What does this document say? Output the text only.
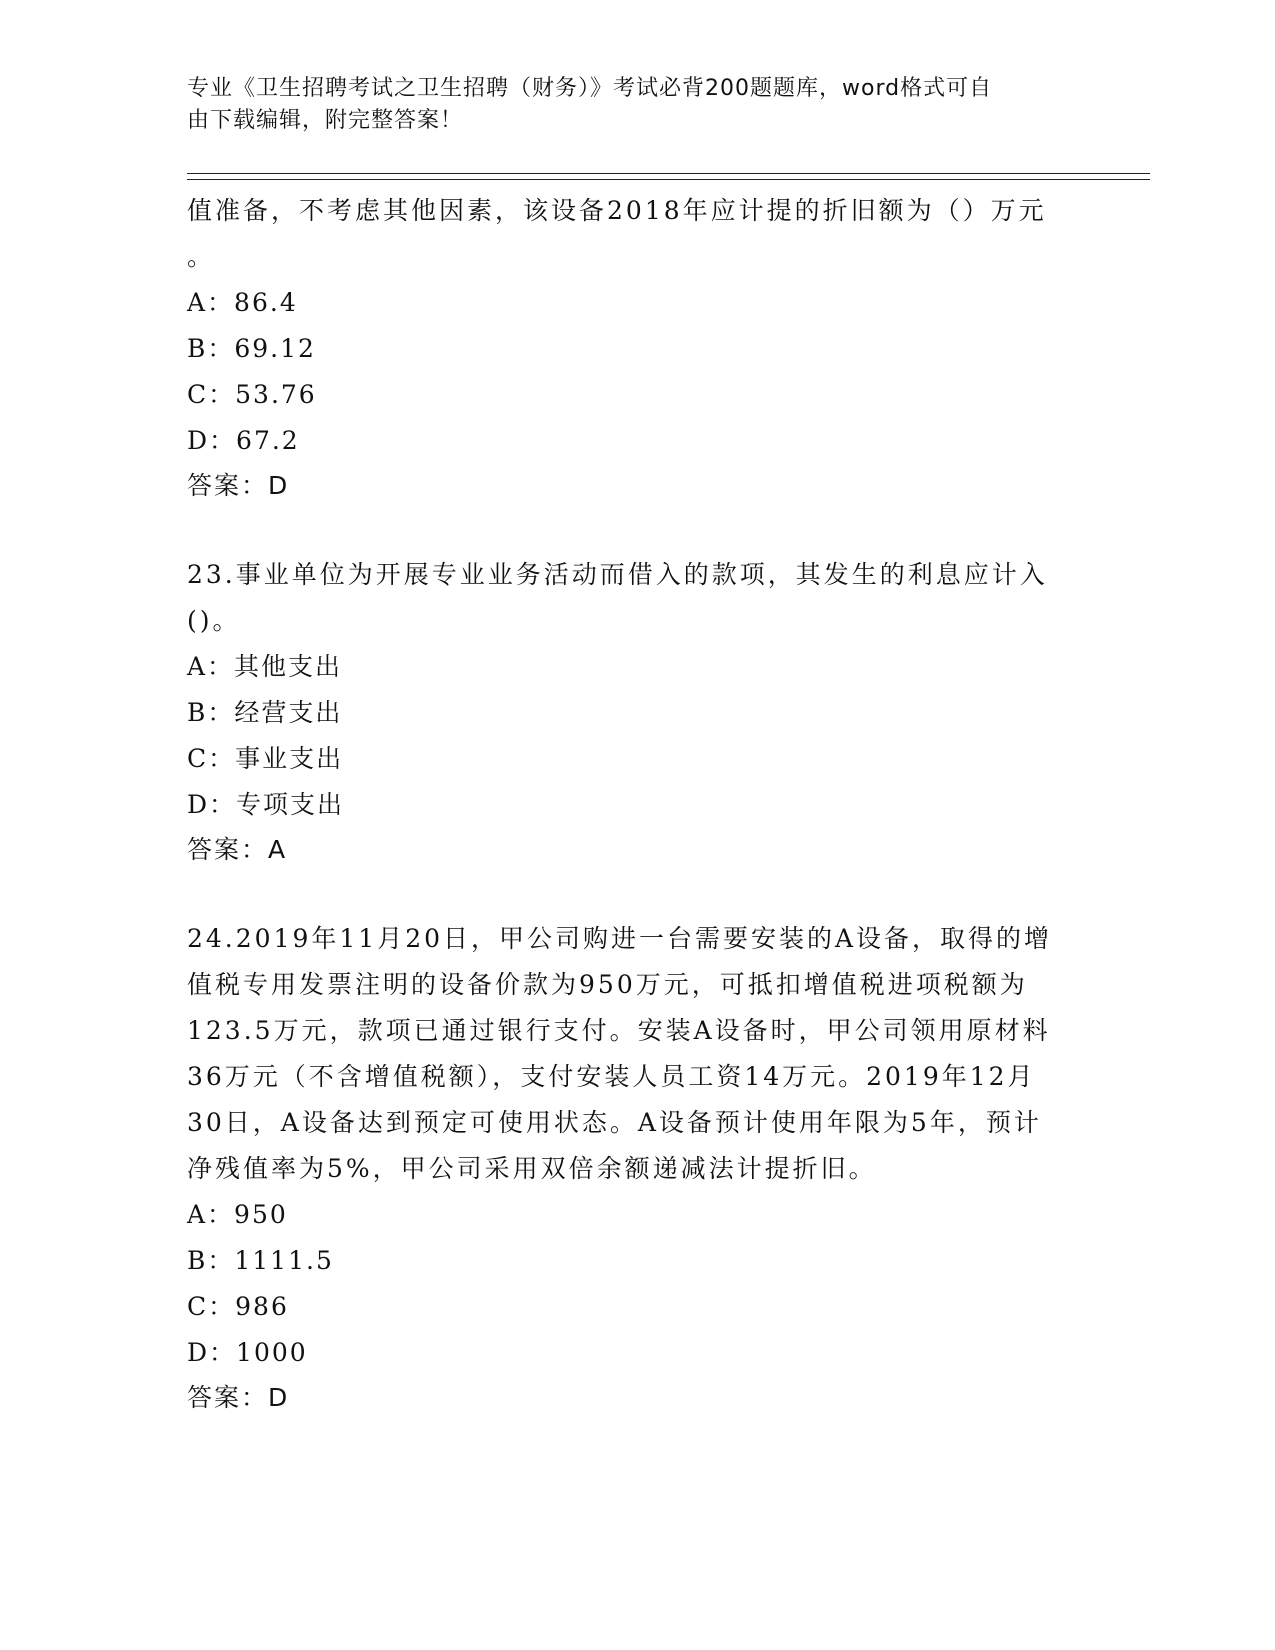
专业《卫生招聘考试之卫生招聘（财务）》考试必背200题题库，word格式可自
由下载编辑，附完整答案！
值准备，不考虑其他因素，该设备2018年应计提的折旧额为（）万元
。
A：86.4
B：69.12
C：53.76
D：67.2
答案：D
23.事业单位为开展专业业务活动而借入的款项，其发生的利息应计入
()。
A：其他支出
B：经营支出
C：事业支出
D：专项支出
答案：A
24.2019年11月20日，甲公司购进一台需要安装的A设备，取得的增
值税专用发票注明的设备价款为950万元，可抵扣增值税进项税额为
123.5万元，款项已通过银行支付。安装A设备时，甲公司领用原材料
36万元（不含增值税额），支付安装人员工资14万元。2019年12月
30日，A设备达到预定可使用状态。A设备预计使用年限为5年，预计
净残值率为5%，甲公司采用双倍余额递减法计提折旧。
A：950
B：1111.5
C：986
D：1000
答案：D
